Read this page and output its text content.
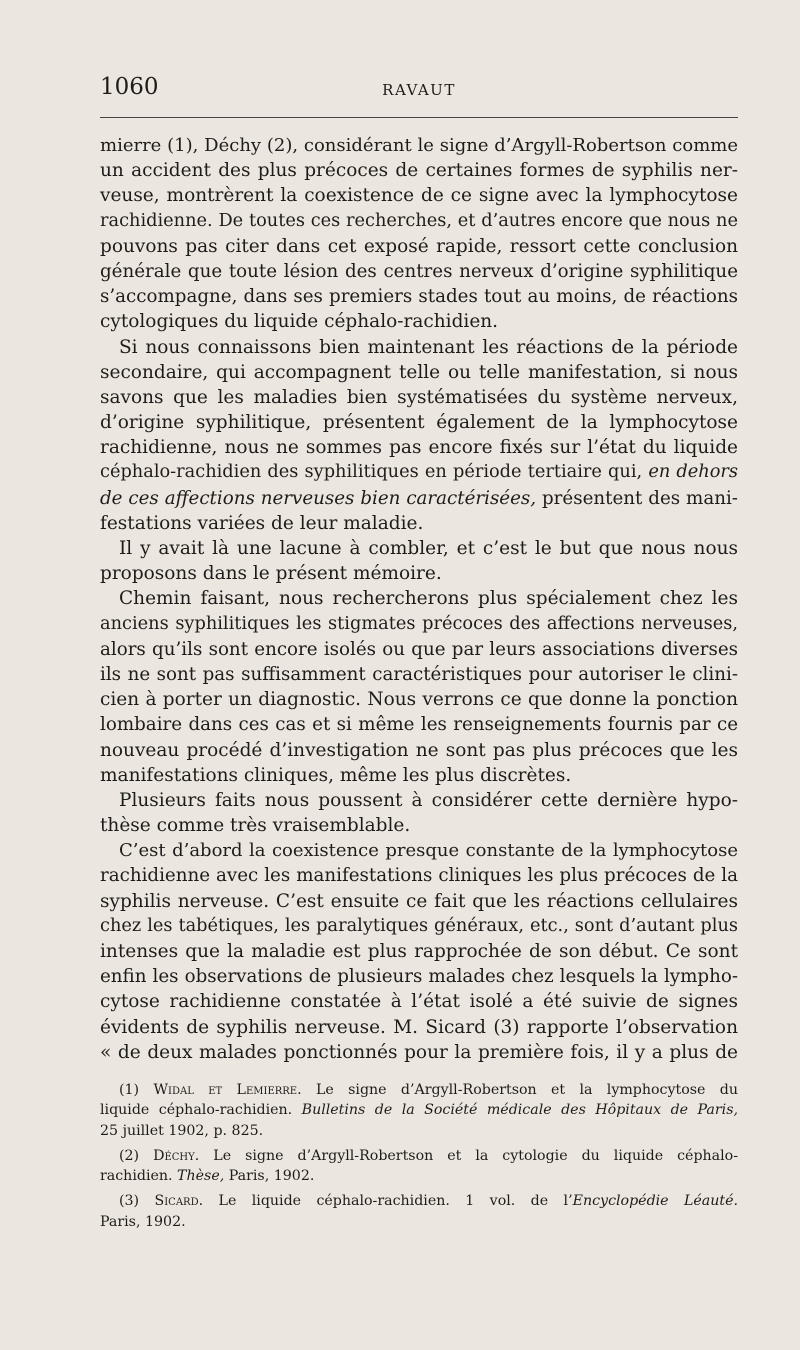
1060	RAVAUT
mierre (1), Déchy (2), considérant le signe d’Argyll-Robertson comme
un accident des plus précoces de certaines formes de syphilis ner-
veuse, montrèrent la coexistence de ce signe avec la lymphocytose
rachidienne. De toutes ces recherches, et d’autres encore que nous ne
pouvons pas citer dans cet exposé rapide, ressort cette conclusion
générale que toute lésion des centres nerveux d’origine syphilitique
s’accompagne, dans ses premiers stades tout au moins, de réactions
cytologiques du liquide céphalo-rachidien.
Si nous connaissons bien maintenant les réactions de la période
secondaire, qui accompagnent telle ou telle manifestation, si nous
savons que les maladies bien systématisées du système nerveux,
d’origine syphilitique, présentent également de la lymphocytose
rachidienne, nous ne sommes pas encore fixés sur l’état du liquide
céphalo-rachidien des syphilitiques en période tertiaire qui, en dehors
de ces affections nerveuses bien caractérisées, présentent des mani-
festations variées de leur maladie.
Il y avait là une lacune à combler, et c’est le but que nous nous
proposons dans le présent mémoire.
Chemin faisant, nous rechercherons plus spécialement chez les
anciens syphilitiques les stigmates précoces des affections nerveuses,
alors qu’ils sont encore isolés ou que par leurs associations diverses
ils ne sont pas suffisamment caractéristiques pour autoriser le clini-
cien à porter un diagnostic. Nous verrons ce que donne la ponction
lombaire dans ces cas et si même les renseignements fournis par ce
nouveau procédé d’investigation ne sont pas plus précoces que les
manifestations cliniques, même les plus discrètes.
Plusieurs faits nous poussent à considérer cette dernière hypo-
thèse comme très vraisemblable.
C’est d’abord la coexistence presque constante de la lymphocytose
rachidienne avec les manifestations cliniques les plus précoces de la
syphilis nerveuse. C’est ensuite ce fait que les réactions cellulaires
chez les tabétiques, les paralytiques généraux, etc., sont d’autant plus
intenses que la maladie est plus rapprochée de son début. Ce sont
enfin les observations de plusieurs malades chez lesquels la lympho-
cytose rachidienne constatée à l’état isolé a été suivie de signes
évidents de syphilis nerveuse. M. Sicard (3) rapporte l’observation
« de deux malades ponctionnés pour la première fois, il y a plus de
(1) Widal et Lemierre. Le signe d’Argyll-Robertson et la lymphocytose du
liquide céphalo-rachidien. Bulletins de la Société médicale des Hôpitaux de Paris,
25 juillet 1902, p. 825.
(2) Déchy. Le signe d’Argyll-Robertson et la cytologie du liquide céphalo-
rachidien. Thèse, Paris, 1902.
(3) Sicard. Le liquide céphalo-rachidien. 1 vol. de l’Encyclopédie Léauté.
Paris, 1902.
